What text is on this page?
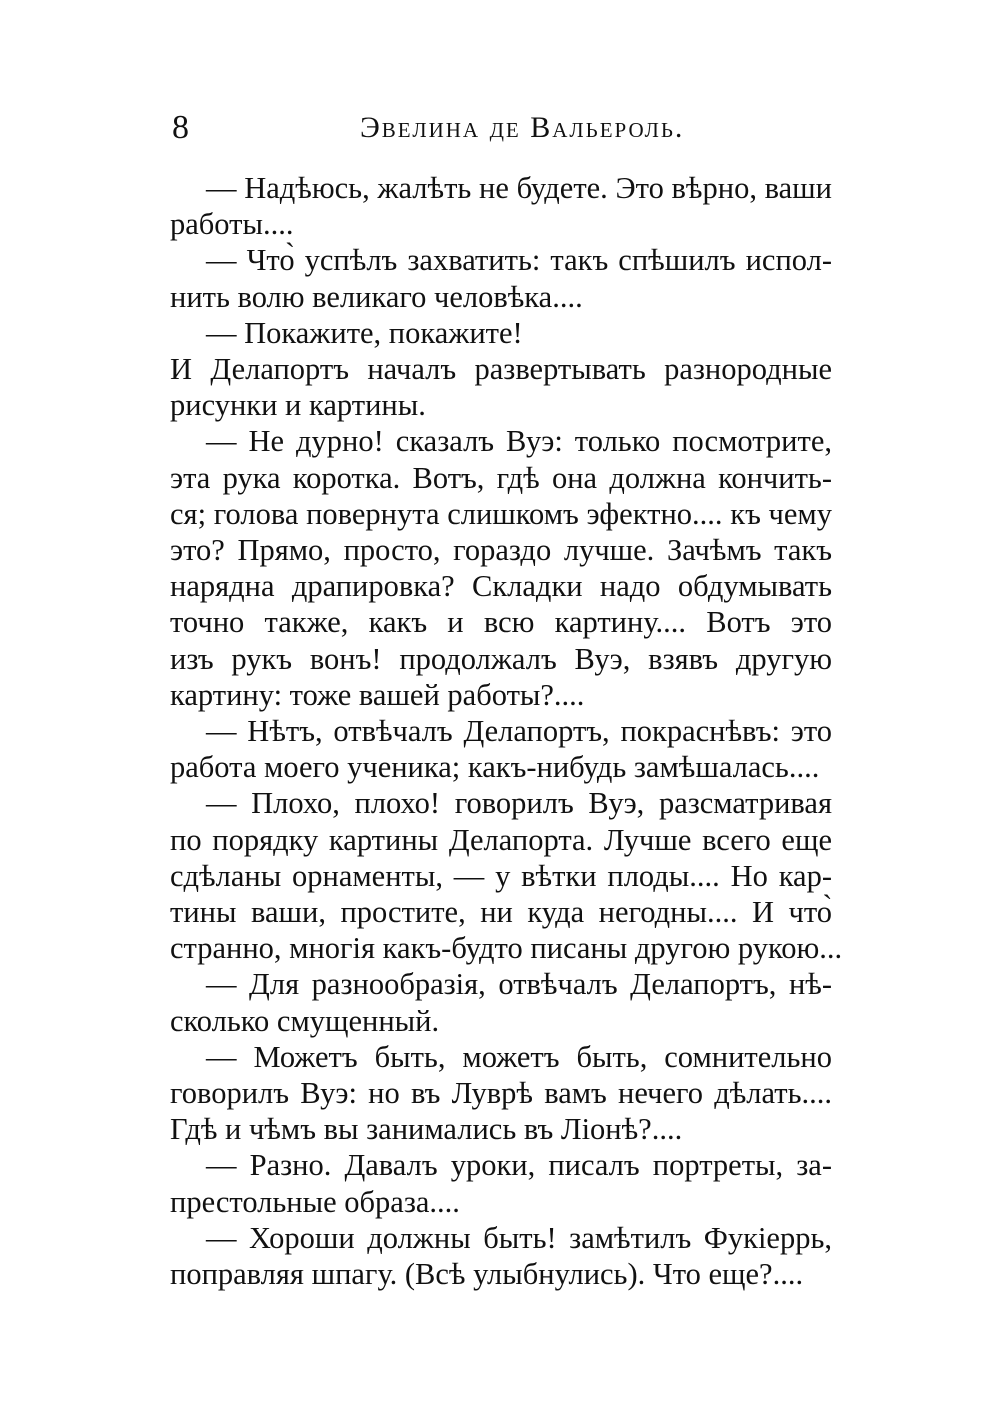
8	Эвелина де Вальероль.

— Надѣюсь, жалѣть не будете. Это вѣрно, ваши
работы....

— Что̀ успѣлъ захватить: такъ спѣшилъ испол-
нить волю великаго человѣка....

— Покажите, покажите!

И Делапортъ началъ развертывать разнородные
рисунки и картины.

— Не дурно! сказалъ Вуэ: только посмотрите,
эта рука коротка. Вотъ, гдѣ она должна кончить-
ся; голова повернута слишкомъ эфектно.... къ чему
это? Прямо, просто, гораздо лучше. Зачѣмъ такъ
нарядна драпировка? Складки надо обдумывать
точно также, какъ и всю картину.... Вотъ это
изъ рукъ вонъ! продолжалъ Вуэ, взявъ другую
картину: тоже вашей работы?....

— Нѣтъ, отвѣчалъ Делапортъ, покраснѣвъ: это
работа моего ученика; какъ-нибудь замѣшалась....

— Плохо, плохо! говорилъ Вуэ, разсматривая
по порядку картины Делапорта. Лучше всего еще
сдѣланы орнаменты, — у вѣтки плоды.... Но кар-
тины ваши, простите, ни куда негодны.... И что̀
странно, многія какъ-будто писаны другою рукою...

— Для разнообразія, отвѣчалъ Делапортъ, нѣ-
сколько смущенный.

— Можетъ быть, можетъ быть, сомнительно
говорилъ Вуэ: но въ Луврѣ вамъ нечего дѣлать....
Гдѣ и чѣмъ вы занимались въ Ліонѣ?....

— Разно. Давалъ уроки, писалъ портреты, за-
престольные образа....

— Хороши должны быть! замѣтилъ Фукіеррь,
поправляя шпагу. (Всѣ улыбнулись). Что еще?....
